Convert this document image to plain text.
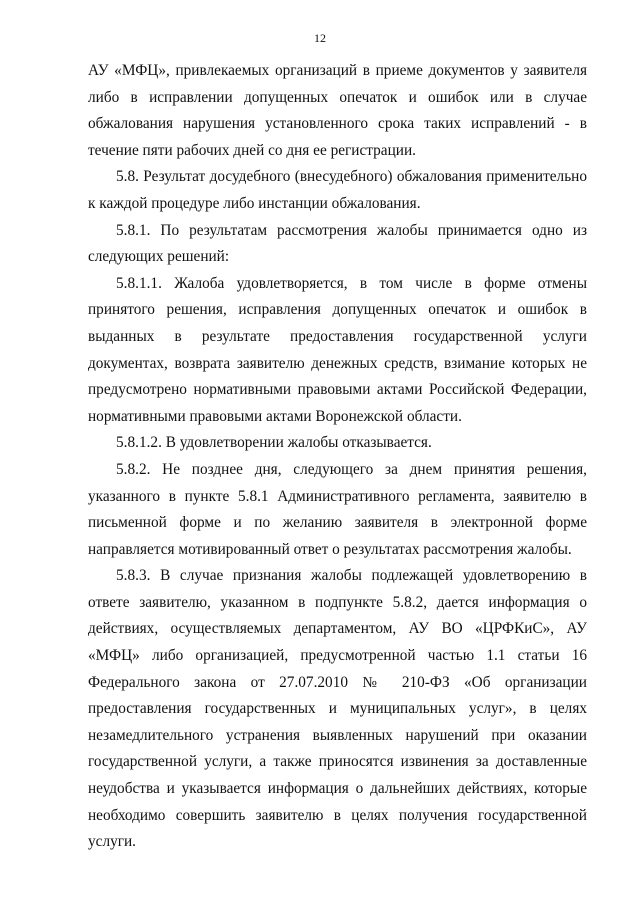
12

АУ «МФЦ», привлекаемых организаций в приеме документов у заявителя либо в исправлении допущенных опечаток и ошибок или в случае обжалования нарушения установленного срока таких исправлений - в течение пяти рабочих дней со дня ее регистрации.

5.8. Результат досудебного (внесудебного) обжалования применительно к каждой процедуре либо инстанции обжалования.

5.8.1. По результатам рассмотрения жалобы принимается одно из следующих решений:

5.8.1.1. Жалоба удовлетворяется, в том числе в форме отмены принятого решения, исправления допущенных опечаток и ошибок в выданных в результате предоставления государственной услуги документах, возврата заявителю денежных средств, взимание которых не предусмотрено нормативными правовыми актами Российской Федерации, нормативными правовыми актами Воронежской области.

5.8.1.2. В удовлетворении жалобы отказывается.

5.8.2. Не позднее дня, следующего за днем принятия решения, указанного в пункте 5.8.1 Административного регламента, заявителю в письменной форме и по желанию заявителя в электронной форме направляется мотивированный ответ о результатах рассмотрения жалобы.

5.8.3. В случае признания жалобы подлежащей удовлетворению в ответе заявителю, указанном в подпункте 5.8.2, дается информация о действиях, осуществляемых департаментом, АУ ВО «ЦРФКиС», АУ «МФЦ» либо организацией, предусмотренной частью 1.1 статьи 16 Федерального закона от 27.07.2010 № 210-ФЗ «Об организации предоставления государственных и муниципальных услуг», в целях незамедлительного устранения выявленных нарушений при оказании государственной услуги, а также приносятся извинения за доставленные неудобства и указывается информация о дальнейших действиях, которые необходимо совершить заявителю в целях получения государственной услуги.
